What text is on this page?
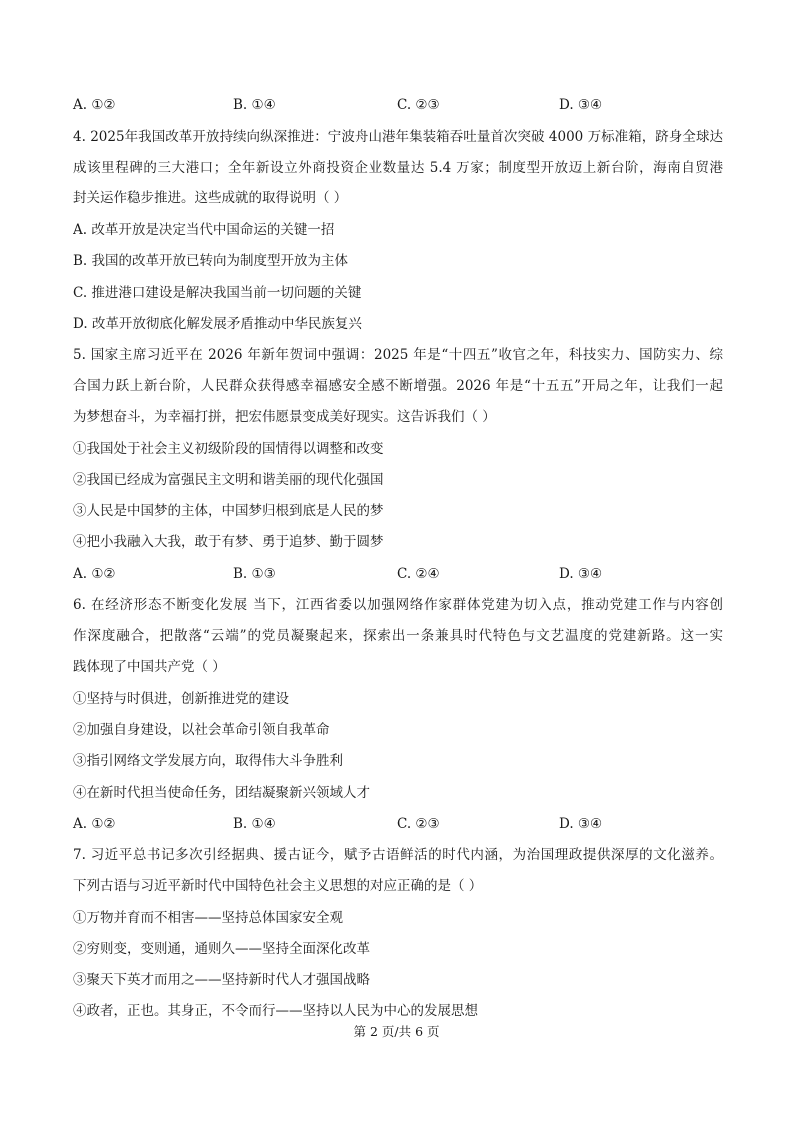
A. ①②	B. ①④	C. ②③	D. ③④
4. 2025年我国改革开放持续向纵深推进：宁波舟山港年集装箱吞吐量首次突破 4000 万标准箱，跻身全球达
成该里程碑的三大港口；全年新设立外商投资企业数量达 5.4 万家；制度型开放迈上新台阶，海南自贸港
封关运作稳步推进。这些成就的取得说明（ ）
A. 改革开放是决定当代中国命运的关键一招
B. 我国的改革开放已转向为制度型开放为主体
C. 推进港口建设是解决我国当前一切问题的关键
D. 改革开放彻底化解发展矛盾推动中华民族复兴
5. 国家主席习近平在 2026 年新年贺词中强调：2025 年是“十四五”收官之年，科技实力、国防实力、综
合国力跃上新台阶，人民群众获得感幸福感安全感不断增强。2026 年是“十五五”开局之年，让我们一起
为梦想奋斗，为幸福打拼，把宏伟愿景变成美好现实。这告诉我们（ ）
①我国处于社会主义初级阶段的国情得以调整和改变
②我国已经成为富强民主文明和谐美丽的现代化强国
③人民是中国梦的主体，中国梦归根到底是人民的梦
④把小我融入大我，敢于有梦、勇于追梦、勤于圆梦
A. ①②	B. ①③	C. ②④	D. ③④
6. 在经济形态不断变化发展 当下，江西省委以加强网络作家群体党建为切入点，推动党建工作与内容创
作深度融合，把散落“云端”的党员凝聚起来，探索出一条兼具时代特色与文艺温度的党建新路。这一实
践体现了中国共产党（ ）
①坚持与时俱进，创新推进党的建设
②加强自身建设，以社会革命引领自我革命
③指引网络文学发展方向，取得伟大斗争胜利
④在新时代担当使命任务，团结凝聚新兴领域人才
A. ①②	B. ①④	C. ②③	D. ③④
7. 习近平总书记多次引经据典、援古证今，赋予古语鲜活的时代内涵，为治国理政提供深厚的文化滋养。
下列古语与习近平新时代中国特色社会主义思想的对应正确的是（ ）
①万物并育而不相害——坚持总体国家安全观
②穷则变，变则通，通则久——坚持全面深化改革
③聚天下英才而用之——坚持新时代人才强国战略
④政者，正也。其身正，不令而行——坚持以人民为中心的发展思想
第 2 页/共 6 页
